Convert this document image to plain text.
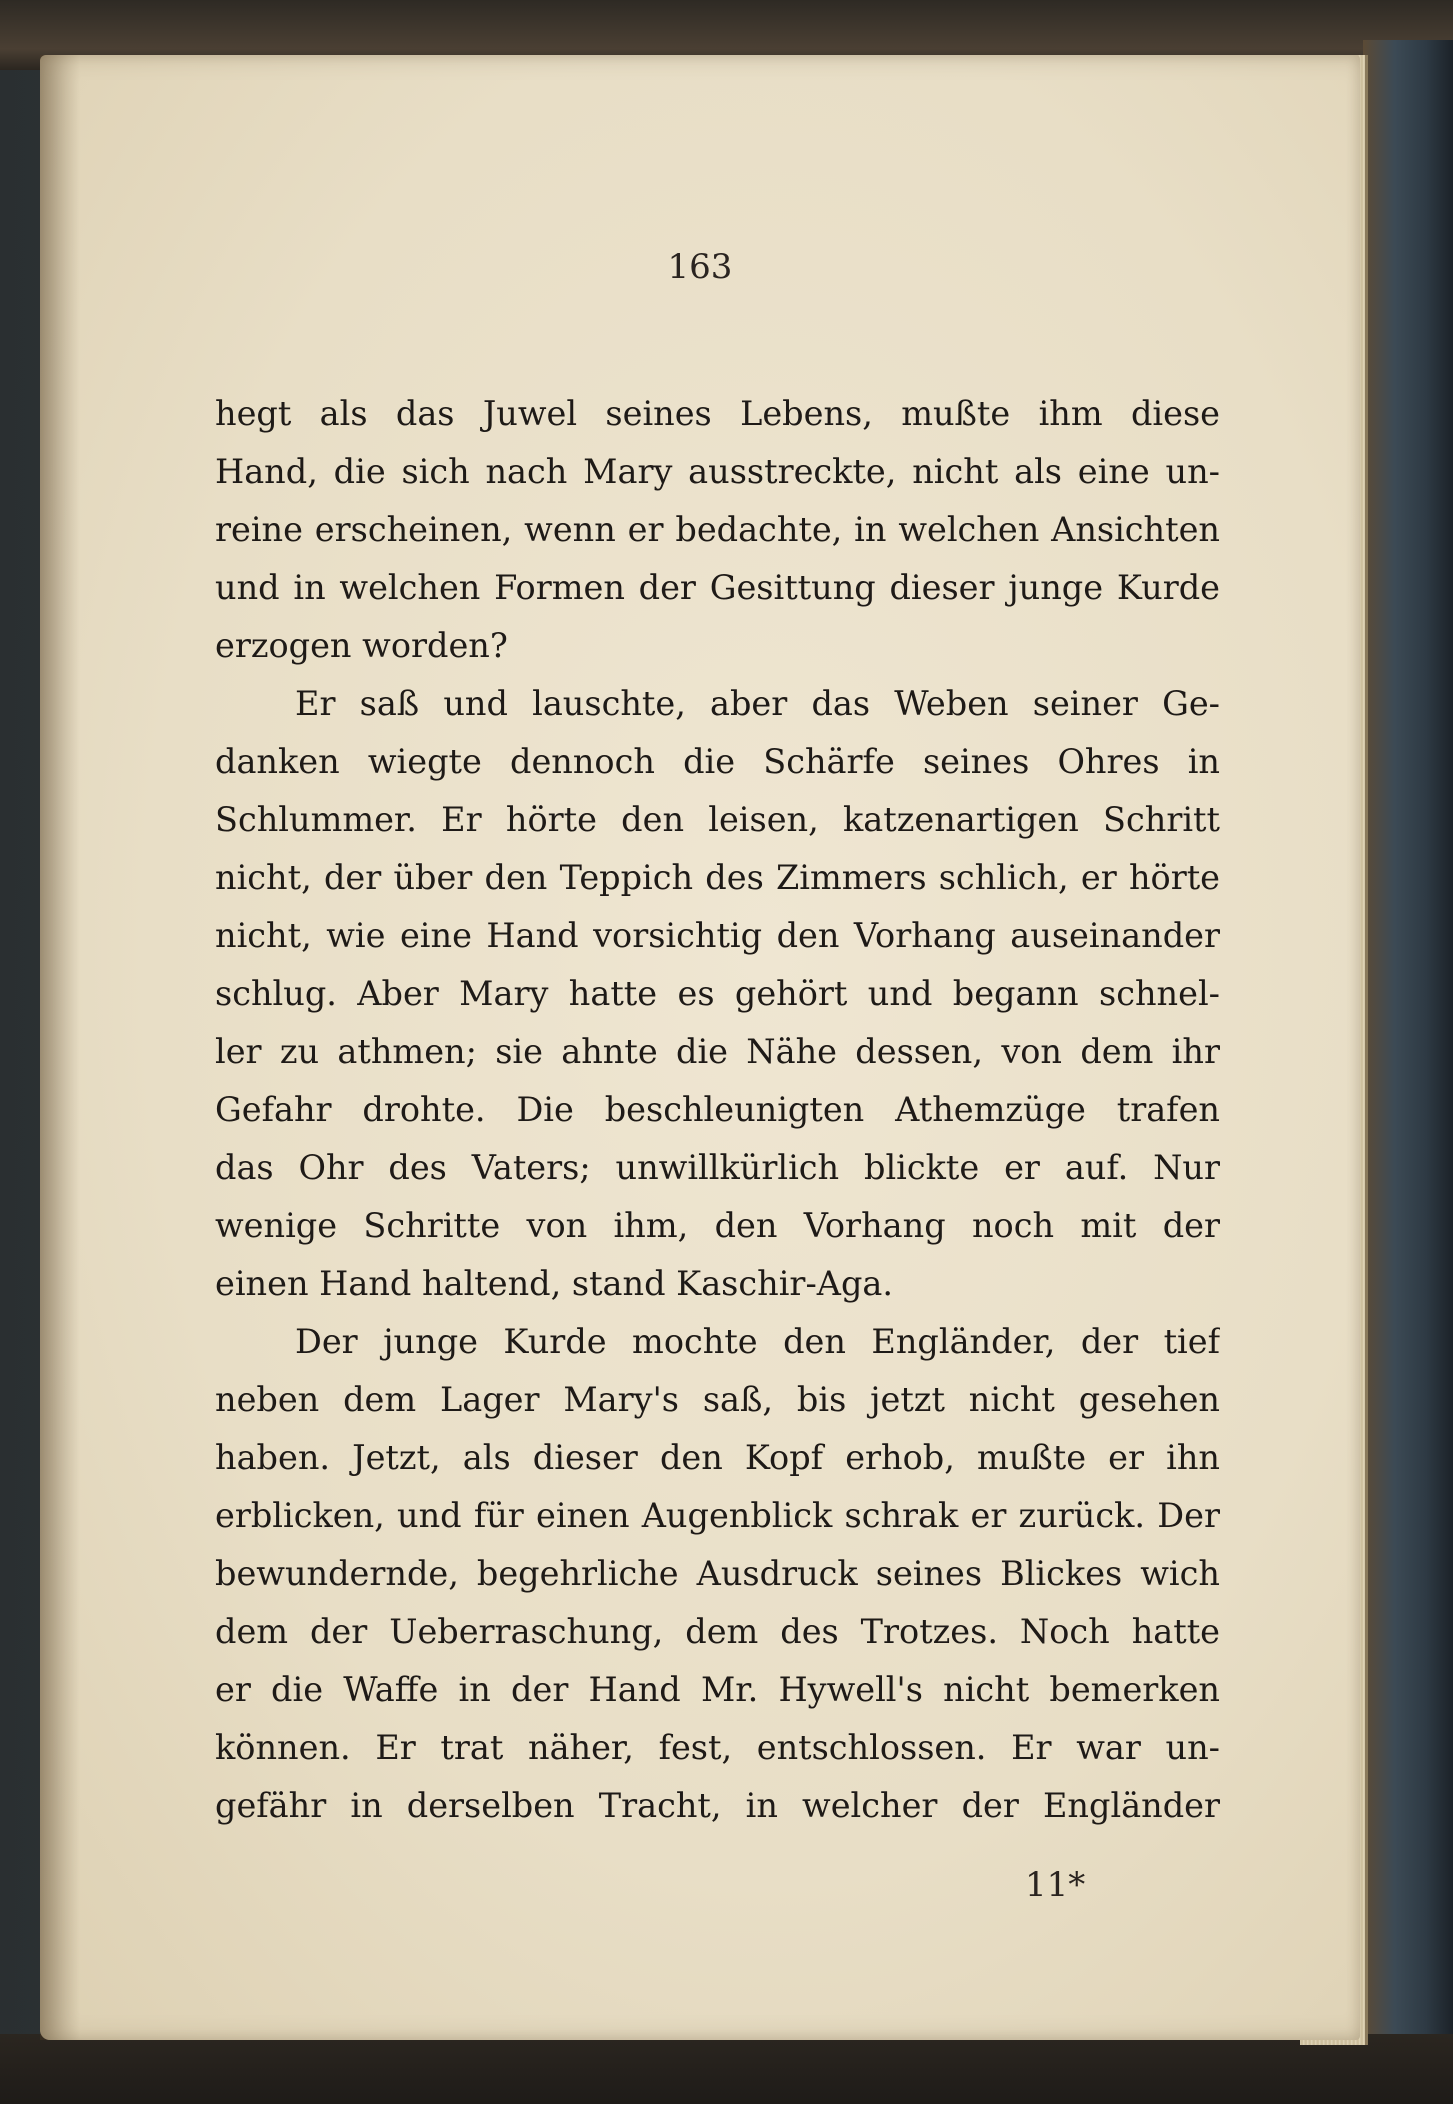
163
hegt als das Juwel seines Lebens, mußte ihm diese
Hand, die sich nach Mary ausstreckte, nicht als eine un-
reine erscheinen, wenn er bedachte, in welchen Ansichten
und in welchen Formen der Gesittung dieser junge Kurde
erzogen worden?
Er saß und lauschte, aber das Weben seiner Ge-
danken wiegte dennoch die Schärfe seines Ohres in
Schlummer. Er hörte den leisen, katzenartigen Schritt
nicht, der über den Teppich des Zimmers schlich, er hörte
nicht, wie eine Hand vorsichtig den Vorhang auseinander
schlug. Aber Mary hatte es gehört und begann schnel-
ler zu athmen; sie ahnte die Nähe dessen, von dem ihr
Gefahr drohte. Die beschleunigten Athemzüge trafen
das Ohr des Vaters; unwillkürlich blickte er auf. Nur
wenige Schritte von ihm, den Vorhang noch mit der
einen Hand haltend, stand Kaschir-Aga.
Der junge Kurde mochte den Engländer, der tief
neben dem Lager Mary's saß, bis jetzt nicht gesehen
haben. Jetzt, als dieser den Kopf erhob, mußte er ihn
erblicken, und für einen Augenblick schrak er zurück. Der
bewundernde, begehrliche Ausdruck seines Blickes wich
dem der Ueberraschung, dem des Trotzes. Noch hatte
er die Waffe in der Hand Mr. Hywell's nicht bemerken
können. Er trat näher, fest, entschlossen. Er war un-
gefähr in derselben Tracht, in welcher der Engländer
11*
